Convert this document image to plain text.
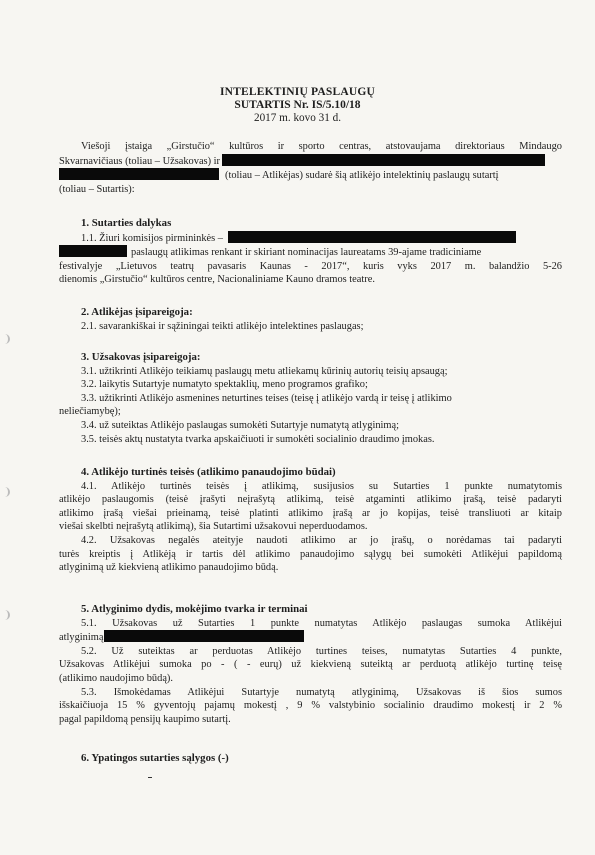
INTELEKTINIŲ PASLAUGŲ
SUTARTIS Nr. IS/5.10/18
2017 m. kovo 31 d.
Viešoji įstaiga „Girstučio“ kultūros ir sporto centras, atstovaujama direktoriaus Mindaugo
Skvarnavičiaus (toliau – Užsakovas) ir
(toliau – Atlikėjas) sudarė šią atlikėjo intelektinių paslaugų sutartį
(toliau – Sutartis):
1. Sutarties dalykas
1.1. Žiuri komisijos pirmininkės –
paslaugų atlikimas renkant ir skiriant nominacijas laureatams 39-ajame tradiciniame
festivalyje „Lietuvos teatrų pavasaris Kaunas - 2017“, kuris vyks 2017 m. balandžio 5-26
dienomis „Girstučio“ kultūros centre, Nacionaliniame Kauno dramos teatre.
2. Atlikėjas įsipareigoja:
2.1. savarankiškai ir sąžiningai teikti atlikėjo intelektines paslaugas;
3. Užsakovas įsipareigoja:
3.1. užtikrinti Atlikėjo teikiamų paslaugų metu atliekamų kūrinių autorių teisių apsaugą;
3.2. laikytis Sutartyje numatyto spektaklių, meno programos grafiko;
3.3. užtikrinti Atlikėjo asmenines neturtines teises (teisę į atlikėjo vardą ir teisę į atlikimo
neliečiamybę);
3.4. už suteiktas Atlikėjo paslaugas sumokėti Sutartyje numatytą atlyginimą;
3.5. teisės aktų nustatyta tvarka apskaičiuoti ir sumokėti socialinio draudimo įmokas.
4. Atlikėjo turtinės teisės (atlikimo panaudojimo būdai)
4.1. Atlikėjo turtinės teisės į atlikimą, susijusios su Sutarties 1 punkte numatytomis
atlikėjo paslaugomis (teisė įrašyti neįrašytą atlikimą, teisė atgaminti atlikimo įrašą, teisė padaryti
atlikimo įrašą viešai prieinamą, teisė platinti atlikimo įrašą ar jo kopijas, teisė transliuoti ar kitaip
viešai skelbti neįrašytą atlikimą), šia Sutartimi užsakovui neperduodamos.
4.2. Užsakovas negalės ateityje naudoti atlikimo ar jo įrašų, o norėdamas tai padaryti
turės kreiptis į Atlikėją ir tartis dėl atlikimo panaudojimo sąlygų bei sumokėti Atlikėjui papildomą
atlyginimą už kiekvieną atlikimo panaudojimo būdą.
5. Atlyginimo dydis, mokėjimo tvarka ir terminai
5.1. Užsakovas už Sutarties 1 punkte numatytas Atlikėjo paslaugas sumoka Atlikėjui
atlyginimą
5.2. Už suteiktas ar perduotas Atlikėjo turtines teises, numatytas Sutarties 4 punkte,
Užsakovas Atlikėjui sumoka po - ( - eurų) už kiekvieną suteiktą ar perduotą atlikėjo turtinę teisę
(atlikimo naudojimo būdą).
5.3. Išmokėdamas Atlikėjui Sutartyje numatytą atlyginimą, Užsakovas iš šios sumos
išskaičiuoja 15 % gyventojų pajamų mokestį , 9 % valstybinio socialinio draudimo mokestį ir 2 %
pagal papildomą pensijų kaupimo sutartį.
6. Ypatingos sutarties sąlygos (-)
